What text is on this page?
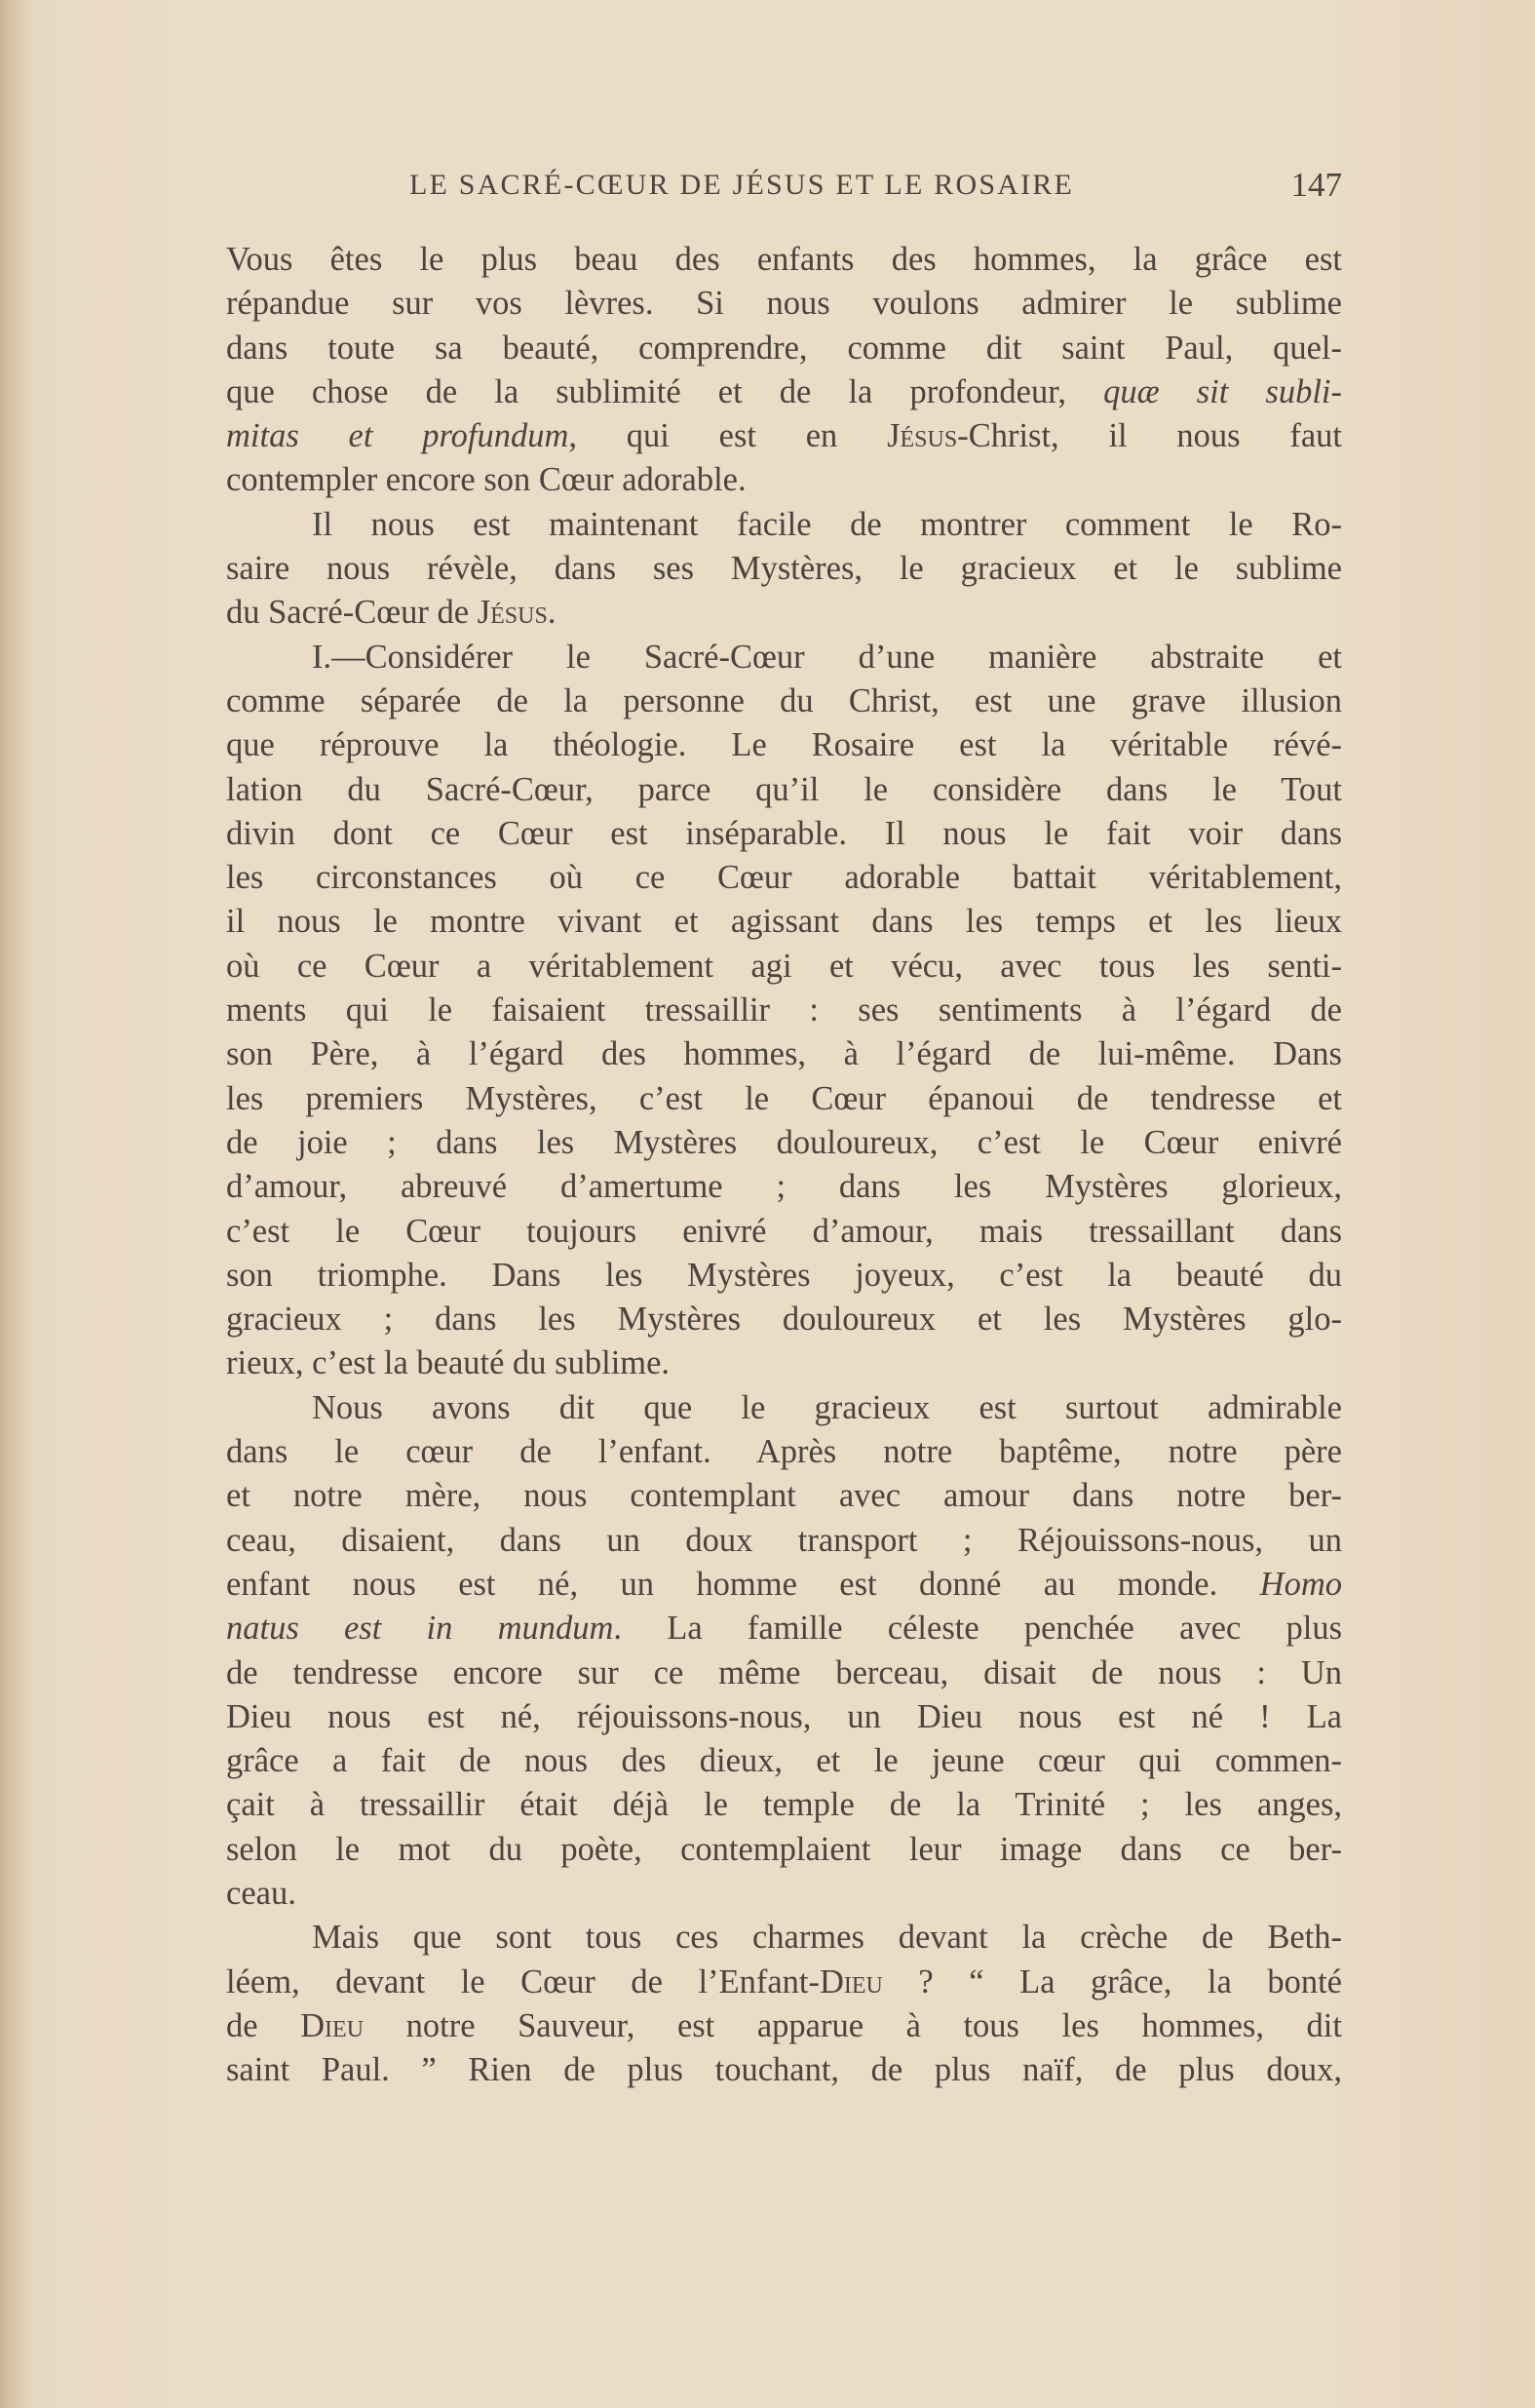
LE SACRÉ-CŒUR DE JÉSUS ET LE ROSAIRE	147
Vous êtes le plus beau des enfants des hommes, la grâce est
répandue sur vos lèvres. Si nous voulons admirer le sublime
dans toute sa beauté, comprendre, comme dit saint Paul, quel-
que chose de la sublimité et de la profondeur, quæ sit subli-
mitas et profundum, qui est en Jésus-Christ, il nous faut
contempler encore son Cœur adorable.
Il nous est maintenant facile de montrer comment le Ro-
saire nous révèle, dans ses Mystères, le gracieux et le sublime
du Sacré-Cœur de Jésus.
I.—Considérer le Sacré-Cœur d’une manière abstraite et
comme séparée de la personne du Christ, est une grave illusion
que réprouve la théologie. Le Rosaire est la véritable révé-
lation du Sacré-Cœur, parce qu’il le considère dans le Tout
divin dont ce Cœur est inséparable. Il nous le fait voir dans
les circonstances où ce Cœur adorable battait véritablement,
il nous le montre vivant et agissant dans les temps et les lieux
où ce Cœur a véritablement agi et vécu, avec tous les senti-
ments qui le faisaient tressaillir : ses sentiments à l’égard de
son Père, à l’égard des hommes, à l’égard de lui-même. Dans
les premiers Mystères, c’est le Cœur épanoui de tendresse et
de joie ; dans les Mystères douloureux, c’est le Cœur enivré
d’amour, abreuvé d’amertume ; dans les Mystères glorieux,
c’est le Cœur toujours enivré d’amour, mais tressaillant dans
son triomphe. Dans les Mystères joyeux, c’est la beauté du
gracieux ; dans les Mystères douloureux et les Mystères glo-
rieux, c’est la beauté du sublime.
Nous avons dit que le gracieux est surtout admirable
dans le cœur de l’enfant. Après notre baptême, notre père
et notre mère, nous contemplant avec amour dans notre ber-
ceau, disaient, dans un doux transport ; Réjouissons-nous, un
enfant nous est né, un homme est donné au monde. Homo
natus est in mundum. La famille céleste penchée avec plus
de tendresse encore sur ce même berceau, disait de nous : Un
Dieu nous est né, réjouissons-nous, un Dieu nous est né ! La
grâce a fait de nous des dieux, et le jeune cœur qui commen-
çait à tressaillir était déjà le temple de la Trinité ; les anges,
selon le mot du poète, contemplaient leur image dans ce ber-
ceau.
Mais que sont tous ces charmes devant la crèche de Beth-
léem, devant le Cœur de l’Enfant-Dieu ? “ La grâce, la bonté
de Dieu notre Sauveur, est apparue à tous les hommes, dit
saint Paul. ” Rien de plus touchant, de plus naïf, de plus doux,
